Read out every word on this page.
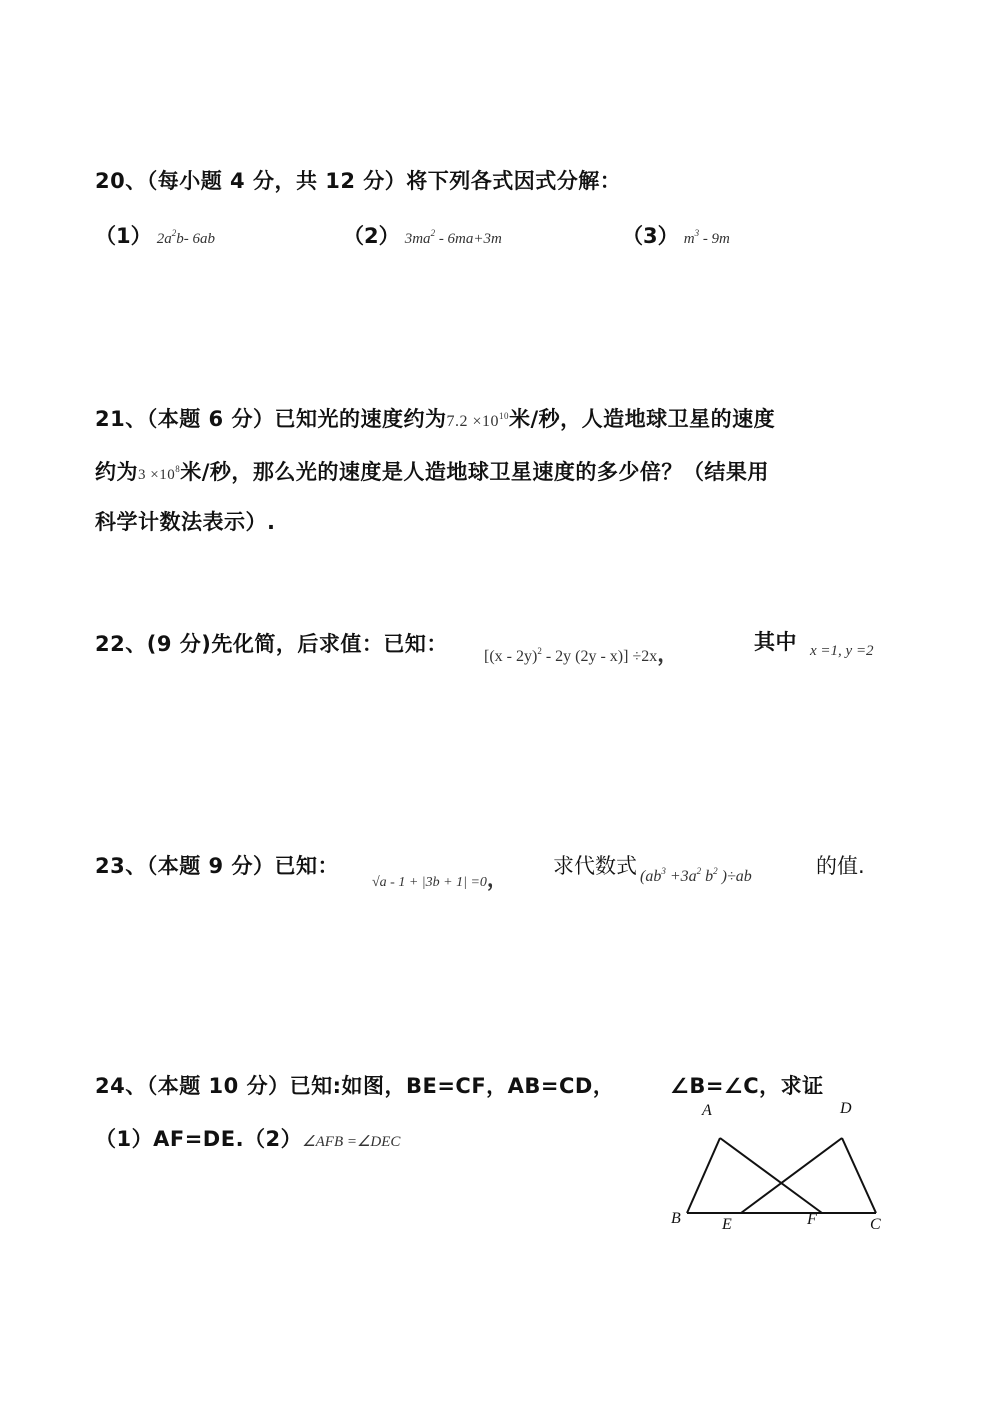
20、（每小题 4 分，共 12 分）将下列各式因式分解：
（1） $2a^2b-$ 6ab	（2） $3ma^2 - 6ma+3m$	（3） $m^3 - 9m$
21、（本题 6 分）已知光的速度约为$7.2 \times 10^{10}$米/秒，人造地球卫星的速度
约为$3 \times 10^8$米/秒，那么光的速度是人造地球卫星速度的多少倍？（结果用
科学计数法表示）.
22、(9 分)先化简，后求值：已知：
[(x - 2y)$^2$ - 2y (2y - x)] ÷2x，	其中 x =1, y =2
23、（本题 9 分）已知：
√a - 1 + |3b + 1| =0，
求代数式 ($ab^3 +3a^2$ $b^2$ )÷ab	的值.
24、（本题 10 分）已知:如图，BE=CF，AB=CD，	∠B=∠C，求证
（1）AF=DE.（2）∠AFB =∠DEC
A	D
B	E	F	C
